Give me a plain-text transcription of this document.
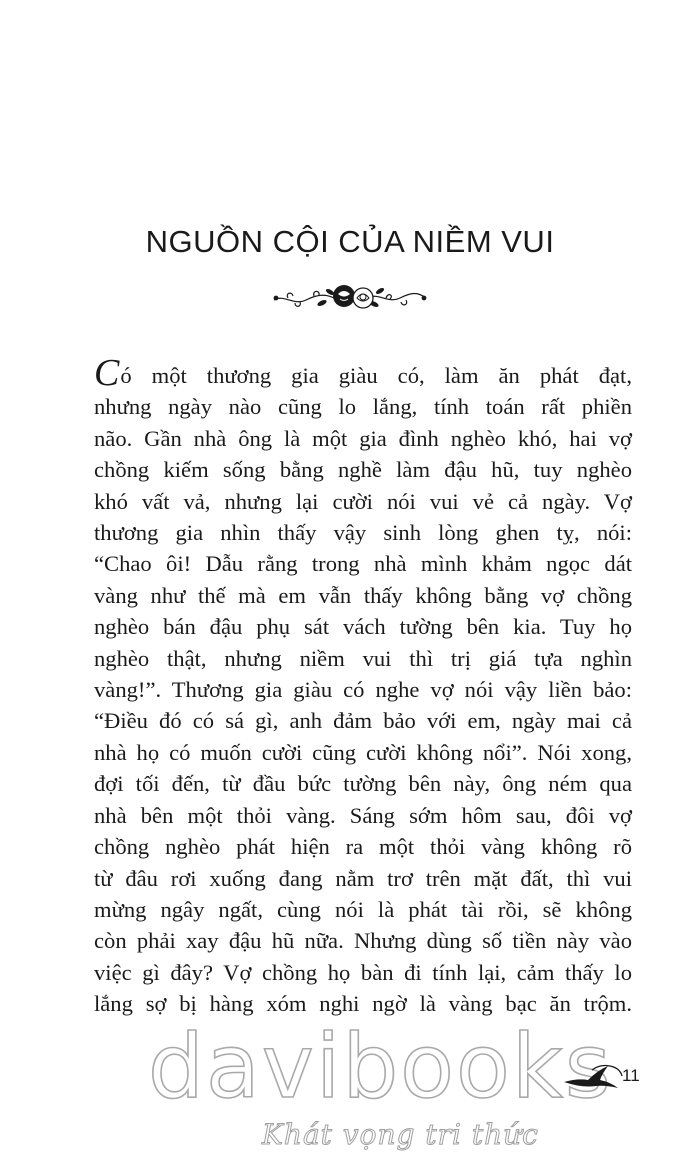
NGUỒN CỘI CỦA NIỀM VUI
Có một thương gia giàu có, làm ăn phát đạt,
nhưng ngày nào cũng lo lắng, tính toán rất phiền
não. Gần nhà ông là một gia đình nghèo khó, hai vợ
chồng kiếm sống bằng nghề làm đậu hũ, tuy nghèo
khó vất vả, nhưng lại cười nói vui vẻ cả ngày. Vợ
thương gia nhìn thấy vậy sinh lòng ghen tỵ, nói:
“Chao ôi! Dẫu rằng trong nhà mình khảm ngọc dát
vàng như thế mà em vẫn thấy không bằng vợ chồng
nghèo bán đậu phụ sát vách tường bên kia. Tuy họ
nghèo thật, nhưng niềm vui thì trị giá tựa nghìn
vàng!”. Thương gia giàu có nghe vợ nói vậy liền bảo:
“Điều đó có sá gì, anh đảm bảo với em, ngày mai cả
nhà họ có muốn cười cũng cười không nổi”. Nói xong,
đợi tối đến, từ đầu bức tường bên này, ông ném qua
nhà bên một thỏi vàng. Sáng sớm hôm sau, đôi vợ
chồng nghèo phát hiện ra một thỏi vàng không rõ
từ đâu rơi xuống đang nằm trơ trên mặt đất, thì vui
mừng ngây ngất, cùng nói là phát tài rồi, sẽ không
còn phải xay đậu hũ nữa. Nhưng dùng số tiền này vào
việc gì đây? Vợ chồng họ bàn đi tính lại, cảm thấy lo
lắng sợ bị hàng xóm nghi ngờ là vàng bạc ăn trộm.
davibooks
Khát vọng tri thức
11
